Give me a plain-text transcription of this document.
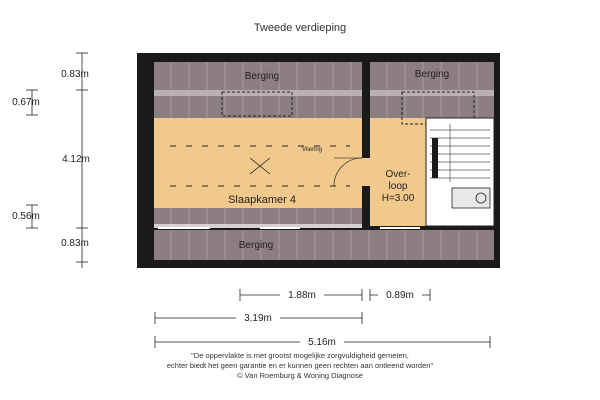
Tweede verdieping
Berging	Berging
Berging
Slaapkamer 4
Vliering
Over-
loop
H=3.00
0.83m
0.67m
4.12m
0.56m
0.83m
1.88m	0.89m
3.19m
5.16m
"De oppervlakte is met grootst mogelijke zorgvuldigheid gemeten,
echter biedt het geen garantie en er kunnen geen rechten aan ontleend worden"
© Van Roemburg & Woning Diagnose
